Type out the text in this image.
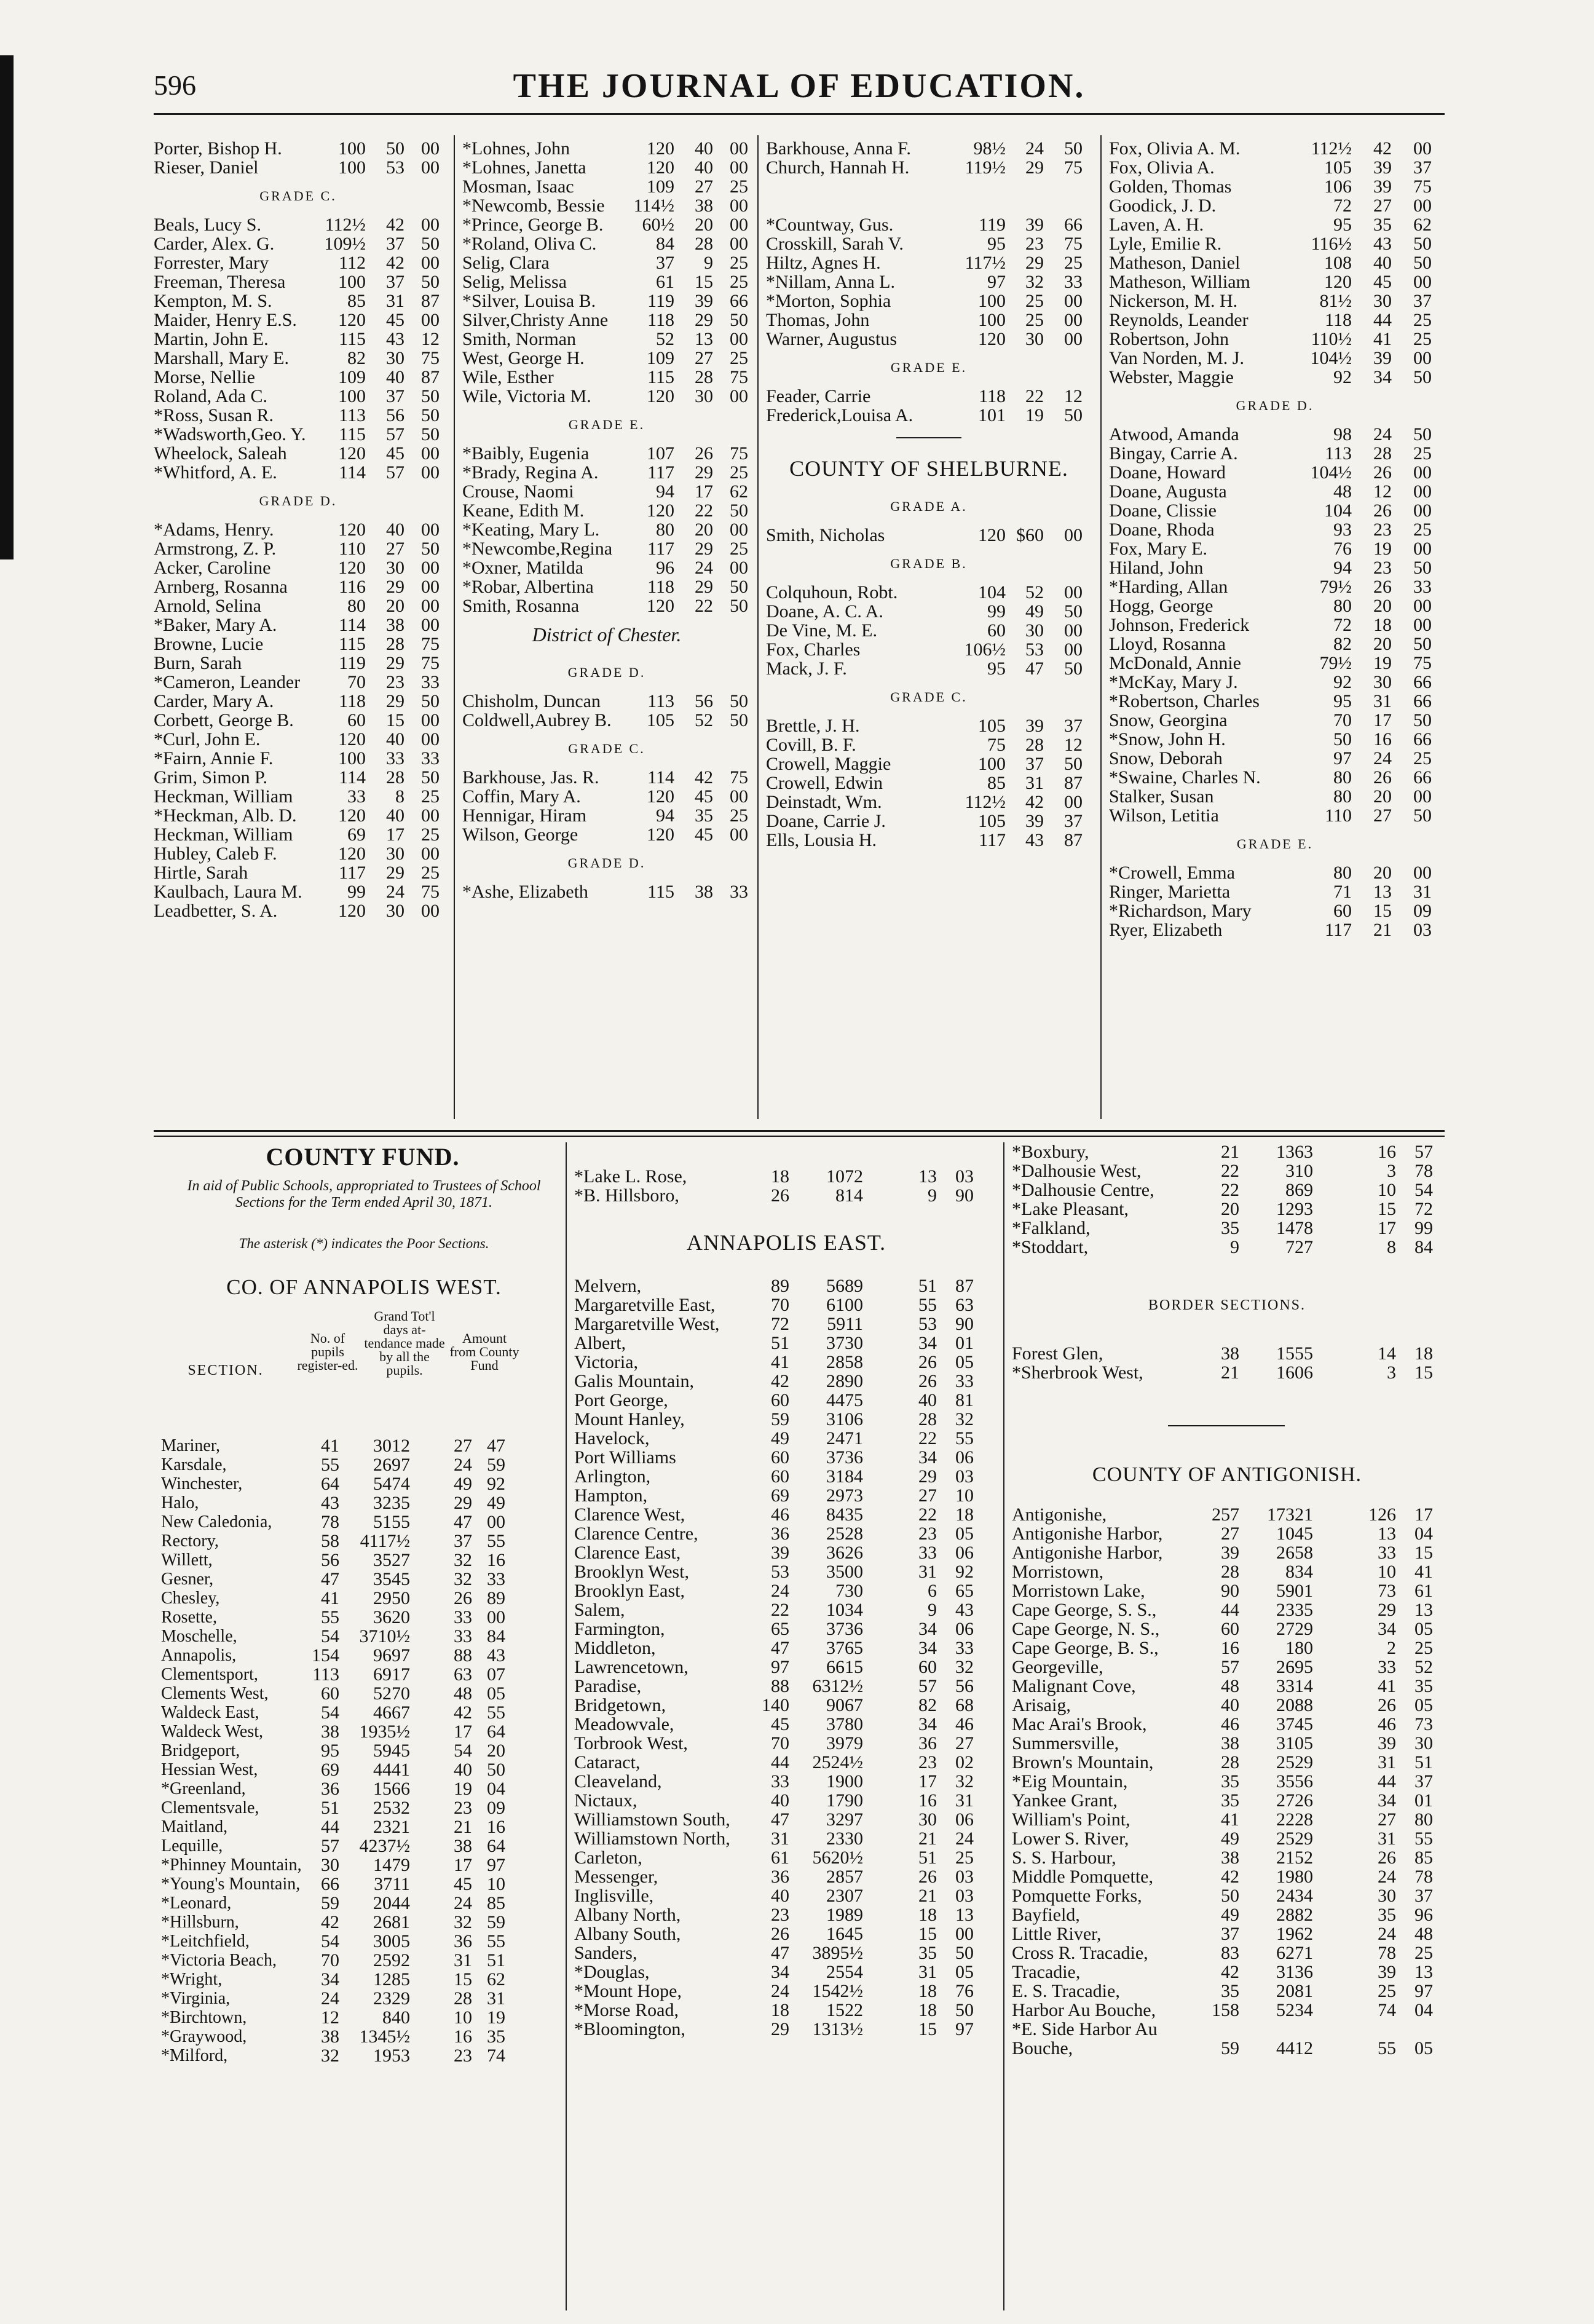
596	THE JOURNAL OF EDUCATION.
Porter, Bishop H.	100	50 00
Rieser, Daniel	100	53 00
GRADE C.
Beals, Lucy S.	112½	42 00
Carder, Alex. G.	109½	37 50
Forrester, Mary	112	42 00
Freeman, Theresa	100	37 50
Kempton, M. S.	85	31 87
Maider, Henry E.S.	120	45 00
Martin, John E.	115	43 12
Marshall, Mary E.	82	30 75
Morse, Nellie	109	40 87
Roland, Ada C.	100	37 50
*Ross, Susan R.	113	56 50
*Wadsworth,Geo. Y.	115	57 50
Wheelock, Saleah	120	45 00
*Whitford, A. E.	114	57 00
GRADE D.
*Adams, Henry.	120	40 00
Armstrong, Z. P.	110	27 50
Acker, Caroline	120	30 00
Arnberg, Rosanna	116	29 00
Arnold, Selina	80	20 00
*Baker, Mary A.	114	38 00
Browne, Lucie	115	28 75
Burn, Sarah	119	29 75
*Cameron, Leander	70	23 33
Carder, Mary A.	118	29 50
Corbett, George B.	60	15 00
*Curl, John E.	120	40 00
*Fairn, Annie F.	100	33 33
Grim, Simon P.	114	28 50
Heckman, William	33	8 25
*Heckman, Alb. D.	120	40 00
Heckman, William	69	17 25
Hubley, Caleb F.	120	30 00
Hirtle, Sarah	117	29 25
Kaulbach, Laura M.	99	24 75
Leadbetter, S. A.	120	30 00
*Lohnes, John	120	40 00
*Lohnes, Janetta	120	40 00
Mosman, Isaac	109	27 25
*Newcomb, Bessie	114½	38 00
*Prince, George B.	60½	20 00
*Roland, Oliva C.	84	28 00
Selig, Clara	37	9 25
Selig, Melissa	61	15 25
*Silver, Louisa B.	119	39 66
Silver,Christy Anne	118	29 50
Smith, Norman	52	13 00
West, George H.	109	27 25
Wile, Esther	115	28 75
Wile, Victoria M.	120	30 00
GRADE E.
*Baibly, Eugenia	107	26 75
*Brady, Regina A.	117	29 25
Crouse, Naomi	94	17 62
Keane, Edith M.	120	22 50
*Keating, Mary L.	80	20 00
*Newcombe,Regina	117	29 25
*Oxner, Matilda	96	24 00
*Robar, Albertina	118	29 50
Smith, Rosanna	120	22 50
District of Chester.
GRADE D.
Chisholm, Duncan	113	56 50
Coldwell,Aubrey B.	105	52 50
GRADE C.
Barkhouse, Jas. R.	114	42 75
Coffin, Mary A.	120	45 00
Hennigar, Hiram	94	35 25
Wilson, George	120	45 00
GRADE D.
*Ashe, Elizabeth	115	38 33
Barkhouse, Anna F.	98½	24	50
Church, Hannah H.	119½	29	75
*Countway, Gus.	119	39	66
Crosskill, Sarah V.	95	23	75
Hiltz, Agnes H.	117½	29	25
*Nillam, Anna L.	97	32	33
*Morton, Sophia	100	25	00
Thomas, John	100	25	00
Warner, Augustus	120	30	00
GRADE E.
Feader, Carrie	118	22	12
Frederick,Louisa A.	101	19	50
COUNTY OF SHELBURNE.
GRADE A.
Smith, Nicholas	120 $60	00
GRADE B.
Colquhoun, Robt.	104	52	00
Doane, A. C. A.	99	49	50
De Vine, M. E.	60	30	00
Fox, Charles	106½	53	00
Mack, J. F.	95	47	50
GRADE C.
Brettle, J. H.	105	39	37
Covill, B. F.	75	28	12
Crowell, Maggie	100	37	50
Crowell, Edwin	85	31	87
Deinstadt, Wm.	112½	42	00
Doane, Carrie J.	105	39	37
Ells, Lousia H.	117	43	87
Fox, Olivia A. M.	112½	42	00
Fox, Olivia A.	105	39	37
Golden, Thomas	106	39	75
Goodick, J. D.	72	27	00
Laven, A. H.	95	35	62
Lyle, Emilie R.	116½	43	50
Matheson, Daniel	108	40	50
Matheson, William	120	45	00
Nickerson, M. H.	81½	30	37
Reynolds, Leander	118	44	25
Robertson, John	110½	41	25
Van Norden, M. J.	104½	39	00
Webster, Maggie	92	34	50
GRADE D.
Atwood, Amanda	98	24	50
Bingay, Carrie A.	113	28	25
Doane, Howard	104½	26	00
Doane, Augusta	48	12	00
Doane, Clissie	104	26	00
Doane, Rhoda	93	23	25
Fox, Mary E.	76	19	00
Hiland, John	94	23	50
*Harding, Allan	79½	26	33
Hogg, George	80	20	00
Johnson, Frederick	72	18	00
Lloyd, Rosanna	82	20	50
McDonald, Annie	79½	19	75
*McKay, Mary J.	92	30	66
*Robertson, Charles	95	31	66
Snow, Georgina	70	17	50
*Snow, John H.	50	16	66
Snow, Deborah	97	24	25
*Swaine, Charles N.	80	26	66
Stalker, Susan	80	20	00
Wilson, Letitia	110	27	50
GRADE E.
*Crowell, Emma	80	20	00
Ringer, Marietta	71	13	31
*Richardson, Mary	60	15	09
Ryer, Elizabeth	117	21	03
COUNTY FUND.
In aid of Public Schools, appropriated to Trustees of School Sections for the Term ended April 30, 1871.
The asterisk (*) indicates the Poor Sections.
CO. OF ANNAPOLIS WEST.
SECTION.
No. of pupils register-ed.
Grand Tot'l days at-tendance made by all the pupils.
Amount from County Fund
Mariner,	41	3012	27 47
Karsdale,	55	2697	24 59
Winchester,	64	5474	49 92
Halo,	43	3235	29 49
New Caledonia,	78	5155	47 00
Rectory,	58 4117½	37 55
Willett,	56	3527	32 16
Gesner,	47	3545	32 33
Chesley,	41	2950	26 89
Rosette,	55	3620	33 00
Moschelle,	54 3710½	33 84
Annapolis,	154	9697	88 43
Clementsport,	113	6917	63 07
Clements West,	60	5270	48 05
Waldeck East,	54	4667	42 55
Waldeck West,	38 1935½	17 64
Bridgeport,	95	5945	54 20
Hessian West,	69	4441	40 50
*Greenland,	36	1566	19 04
Clementsvale,	51	2532	23 09
Maitland,	44	2321	21 16
Lequille,	57 4237½	38 64
*Phinney Mountain,	30	1479	17 97
*Young's Mountain,	66	3711	45 10
*Leonard,	59	2044	24 85
*Hillsburn,	42	2681	32 59
*Leitchfield,	54	3005	36 55
*Victoria Beach,	70	2592	31 51
*Wright,	34	1285	15 62
*Virginia,	24	2329	28 31
*Birchtown,	12	840	10 19
*Graywood,	38 1345½	16 35
*Milford,	32	1953	23 74
*Lake L. Rose,	18	1072	13	03
*B. Hillsboro,	26	814	9	90
ANNAPOLIS EAST.
Melvern,	89	5689	51	87
Margaretville East,	70	6100	55	63
Margaretville West,	72	5911	53	90
Albert,	51	3730	34	01
Victoria,	41	2858	26	05
Galis Mountain,	42	2890	26	33
Port George,	60	4475	40	81
Mount Hanley,	59	3106	28	32
Havelock,	49	2471	22	55
Port Williams	60	3736	34	06
Arlington,	60	3184	29	03
Hampton,	69	2973	27	10
Clarence West,	46	8435	22	18
Clarence Centre,	36	2528	23	05
Clarence East,	39	3626	33	06
Brooklyn West,	53	3500	31	92
Brooklyn East,	24	730	6	65
Salem,	22	1034	9	43
Farmington,	65	3736	34	06
Middleton,	47	3765	34	33
Lawrencetown,	97	6615	60	32
Paradise,	88	6312½	57	56
Bridgetown,	140	9067	82	68
Meadowvale,	45	3780	34	46
Torbrook West,	70	3979	36	27
Cataract,	44	2524½	23	02
Cleaveland,	33	1900	17	32
Nictaux,	40	1790	16	31
Williamstown South,	47	3297	30	06
Williamstown North,	31	2330	21	24
Carleton,	61	5620½	51	25
Messenger,	36	2857	26	03
Inglisville,	40	2307	21	03
Albany North,	23	1989	18	13
Albany South,	26	1645	15	00
Sanders,	47	3895½	35	50
*Douglas,	34	2554	31	05
*Mount Hope,	24	1542½	18	76
*Morse Road,	18	1522	18	50
*Bloomington,	29	1313½	15	97
*Boxbury,	21	1363	16	57
*Dalhousie West,	22	310	3	78
*Dalhousie Centre,	22	869	10	54
*Lake Pleasant,	20	1293	15	72
*Falkland,	35	1478	17	99
*Stoddart,	9	727	8	84
BORDER SECTIONS.
Forest Glen,	38	1555	14	18
*Sherbrook West,	21	1606	3	15
COUNTY OF ANTIGONISH.
Antigonishe,	257	17321	126	17
Antigonishe Harbor,	27	1045	13	04
Antigonishe Harbor,	39	2658	33	15
Morristown,	28	834	10	41
Morristown Lake,	90	5901	73	61
Cape George, S. S.,	44	2335	29	13
Cape George, N. S.,	60	2729	34	05
Cape George, B. S.,	16	180	2	25
Georgeville,	57	2695	33	52
Malignant Cove,	48	3314	41	35
Arisaig,	40	2088	26	05
Mac Arai's Brook,	46	3745	46	73
Summersville,	38	3105	39	30
Brown's Mountain,	28	2529	31	51
*Eig Mountain,	35	3556	44	37
Yankee Grant,	35	2726	34	01
William's Point,	41	2228	27	80
Lower S. River,	49	2529	31	55
S. S. Harbour,	38	2152	26	85
Middle Pomquette,	42	1980	24	78
Pomquette Forks,	50	2434	30	37
Bayfield,	49	2882	35	96
Little River,	37	1962	24	48
Cross R. Tracadie,	83	6271	78	25
Tracadie,	42	3136	39	13
E. S. Tracadie,	35	2081	25	97
Harbor Au Bouche,	158	5234	74	04
*E. Side Harbor Au
Bouche,	59	4412	55	05
